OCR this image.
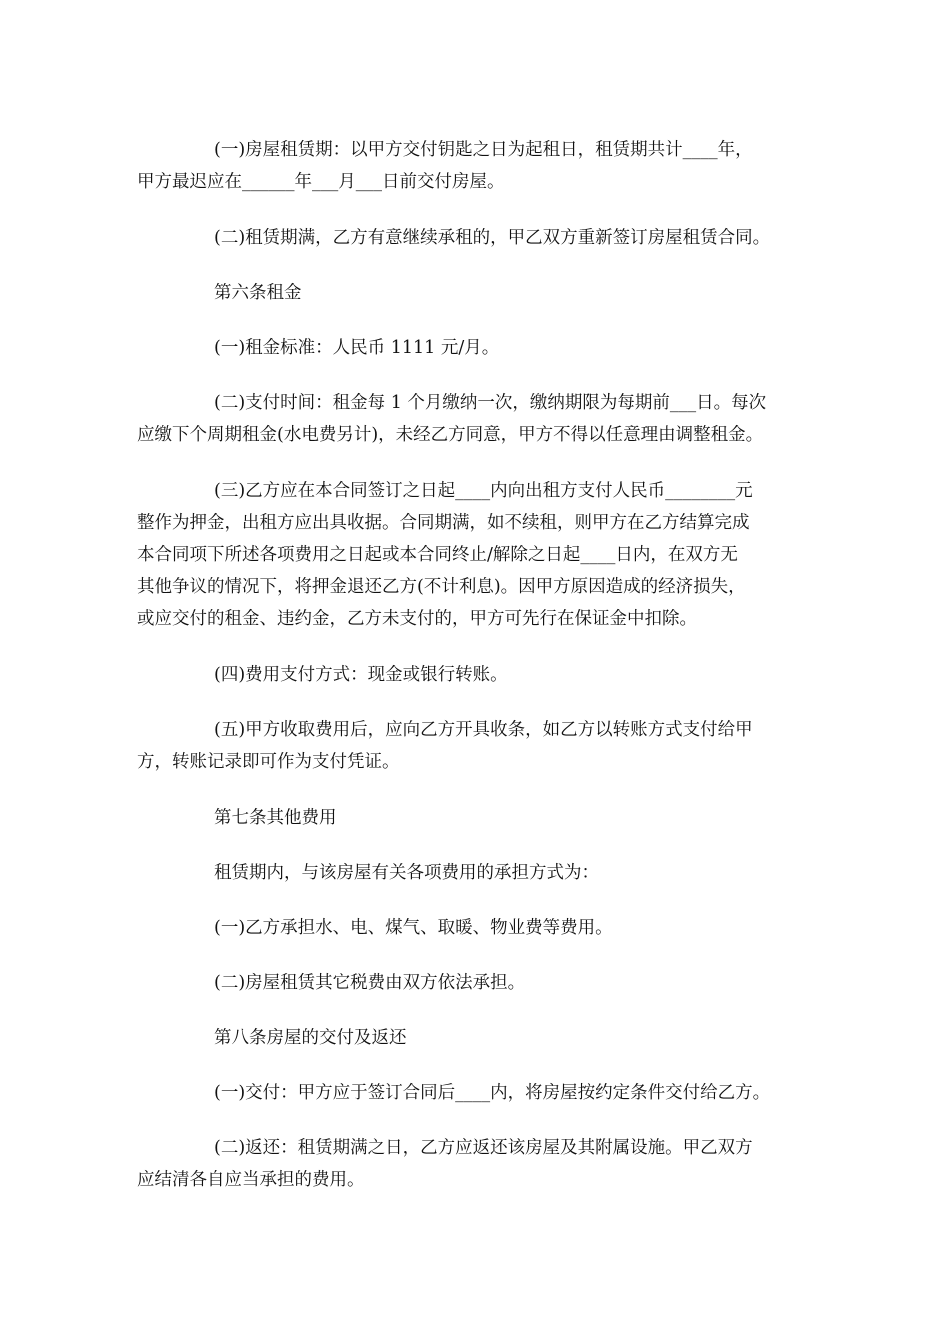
(一)房屋租赁期：以甲方交付钥匙之日为起租日，租赁期共计____年，
甲方最迟应在______年___月___日前交付房屋。

(二)租赁期满，乙方有意继续承租的，甲乙双方重新签订房屋租赁合同。

第六条租金

(一)租金标准：人民币 1111 元/月。

(二)支付时间：租金每 1 个月缴纳一次，缴纳期限为每期前___日。每次
应缴下个周期租金(水电费另计)，未经乙方同意，甲方不得以任意理由调整租金。

(三)乙方应在本合同签订之日起____内向出租方支付人民币________元
整作为押金，出租方应出具收据。合同期满，如不续租，则甲方在乙方结算完成
本合同项下所述各项费用之日起或本合同终止/解除之日起____日内，在双方无
其他争议的情况下，将押金退还乙方(不计利息)。因甲方原因造成的经济损失，
或应交付的租金、违约金，乙方未支付的，甲方可先行在保证金中扣除。

(四)费用支付方式：现金或银行转账。

(五)甲方收取费用后，应向乙方开具收条，如乙方以转账方式支付给甲
方，转账记录即可作为支付凭证。

第七条其他费用

租赁期内，与该房屋有关各项费用的承担方式为：

(一)乙方承担水、电、煤气、取暖、物业费等费用。

(二)房屋租赁其它税费由双方依法承担。

第八条房屋的交付及返还

(一)交付：甲方应于签订合同后____内，将房屋按约定条件交付给乙方。

(二)返还：租赁期满之日，乙方应返还该房屋及其附属设施。甲乙双方
应结清各自应当承担的费用。
